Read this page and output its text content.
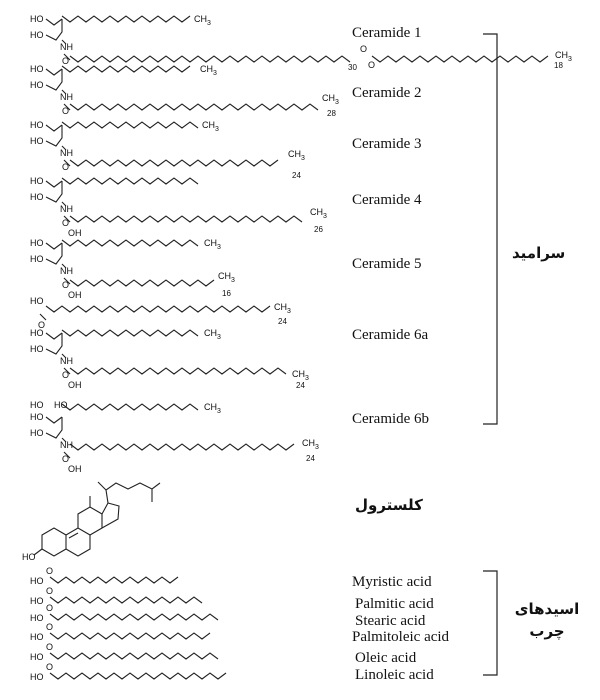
HO
HO
NH
O
$CH_3$
O
O
$CH_3$
30	18
HO
HO
NH
O
$CH_3$
$CH_3$
28
HO
HO
NH
O
$CH_3$
$CH_3$
24
HO
HO
NH
O
OH
$CH_3$
26
HO
HO
NH
O
OH
$CH_3$
$CH_3$
16
HO
O
$CH_3$
24
HO
HO
NH
O
OH
$CH_3$
$CH_3$
24
HO HO
HO
HO
NH
O
OH
$CH_3$
$CH_3$
24
HO
HO
O
HO
O
HO
O
HO
O
HO
O
HO
O
Ceramide 1
Ceramide 2
Ceramide 3
Ceramide 4
Ceramide 5
Ceramide 6a
Ceramide 6b
سرامید
کلسترول
اسیدهای
چرب
Myristic acid
Palmitic acid
Stearic acid
Palmitoleic acid
Oleic acid
Linoleic acid
